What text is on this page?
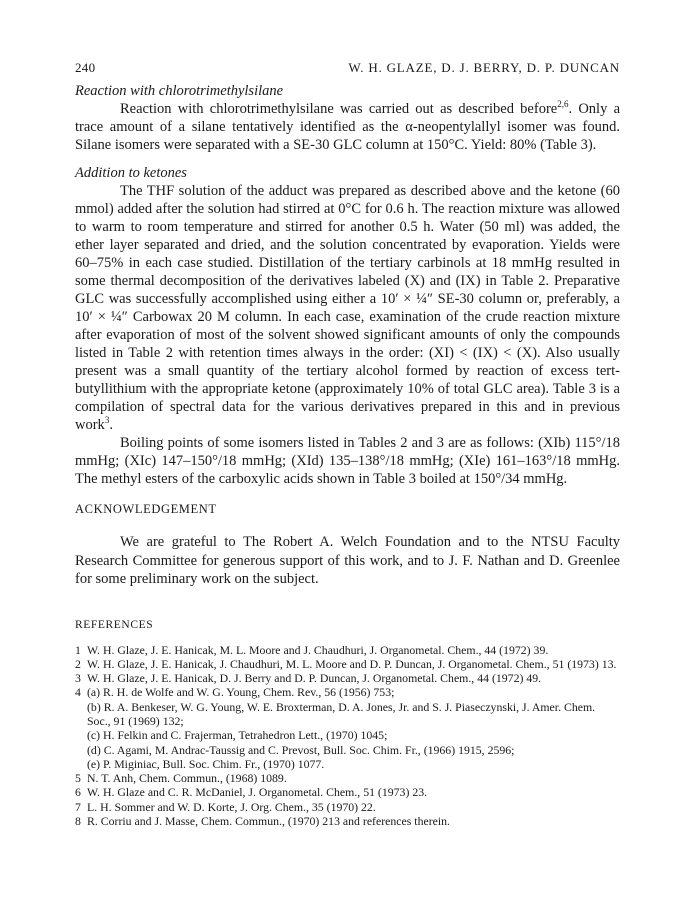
240	W. H. GLAZE, D. J. BERRY, D. P. DUNCAN
Reaction with chlorotrimethylsilane

Reaction with chlorotrimethylsilane was carried out as described before$^{2,6}$. Only a trace amount of a silane tentatively identified as the α-neopentylallyl isomer was found. Silane isomers were separated with a SE-30 GLC column at 150°C. Yield: 80% (Table 3).

Addition to ketones

The THF solution of the adduct was prepared as described above and the ketone (60 mmol) added after the solution had stirred at 0°C for 0.6 h. The reaction mixture was allowed to warm to room temperature and stirred for another 0.5 h. Water (50 ml) was added, the ether layer separated and dried, and the solution concentrated by evaporation. Yields were 60–75% in each case studied. Distillation of the tertiary carbinols at 18 mmHg resulted in some thermal decomposition of the derivatives labeled (X) and (IX) in Table 2. Preparative GLC was successfully accomplished using either a 10′ × ¼″ SE-30 column or, preferably, a 10′ × ¼″ Carbowax 20 M column. In each case, examination of the crude reaction mixture after evaporation of most of the solvent showed significant amounts of only the compounds listed in Table 2 with retention times always in the order: (XI) < (IX) < (X). Also usually present was a small quantity of the tertiary alcohol formed by reaction of excess tert-butyllithium with the appropriate ketone (approximately 10% of total GLC area). Table 3 is a compilation of spectral data for the various derivatives prepared in this and in previous work$^3$.

Boiling points of some isomers listed in Tables 2 and 3 are as follows: (XIb) 115°/18 mmHg; (XIc) 147–150°/18 mmHg; (XId) 135–138°/18 mmHg; (XIe) 161–163°/18 mmHg. The methyl esters of the carboxylic acids shown in Table 3 boiled at 150°/34 mmHg.

ACKNOWLEDGEMENT

We are grateful to The Robert A. Welch Foundation and to the NTSU Faculty Research Committee for generous support of this work, and to J. F. Nathan and D. Greenlee for some preliminary work on the subject.

REFERENCES
1 W. H. Glaze, J. E. Hanicak, M. L. Moore and J. Chaudhuri, J. Organometal. Chem., 44 (1972) 39.
2 W. H. Glaze, J. E. Hanicak, J. Chaudhuri, M. L. Moore and D. P. Duncan, J. Organometal. Chem., 51 (1973) 13.
3 W. H. Glaze, J. E. Hanicak, D. J. Berry and D. P. Duncan, J. Organometal. Chem., 44 (1972) 49.
4 (a) R. H. de Wolfe and W. G. Young, Chem. Rev., 56 (1956) 753;
(b) R. A. Benkeser, W. G. Young, W. E. Broxterman, D. A. Jones, Jr. and S. J. Piaseczynski, J. Amer. Chem. Soc., 91 (1969) 132;
(c) H. Felkin and C. Frajerman, Tetrahedron Lett., (1970) 1045;
(d) C. Agami, M. Andrac-Taussig and C. Prevost, Bull. Soc. Chim. Fr., (1966) 1915, 2596;
(e) P. Miginiac, Bull. Soc. Chim. Fr., (1970) 1077.
5 N. T. Anh, Chem. Commun., (1968) 1089.
6 W. H. Glaze and C. R. McDaniel, J. Organometal. Chem., 51 (1973) 23.
7 L. H. Sommer and W. D. Korte, J. Org. Chem., 35 (1970) 22.
8 R. Corriu and J. Masse, Chem. Commun., (1970) 213 and references therein.
